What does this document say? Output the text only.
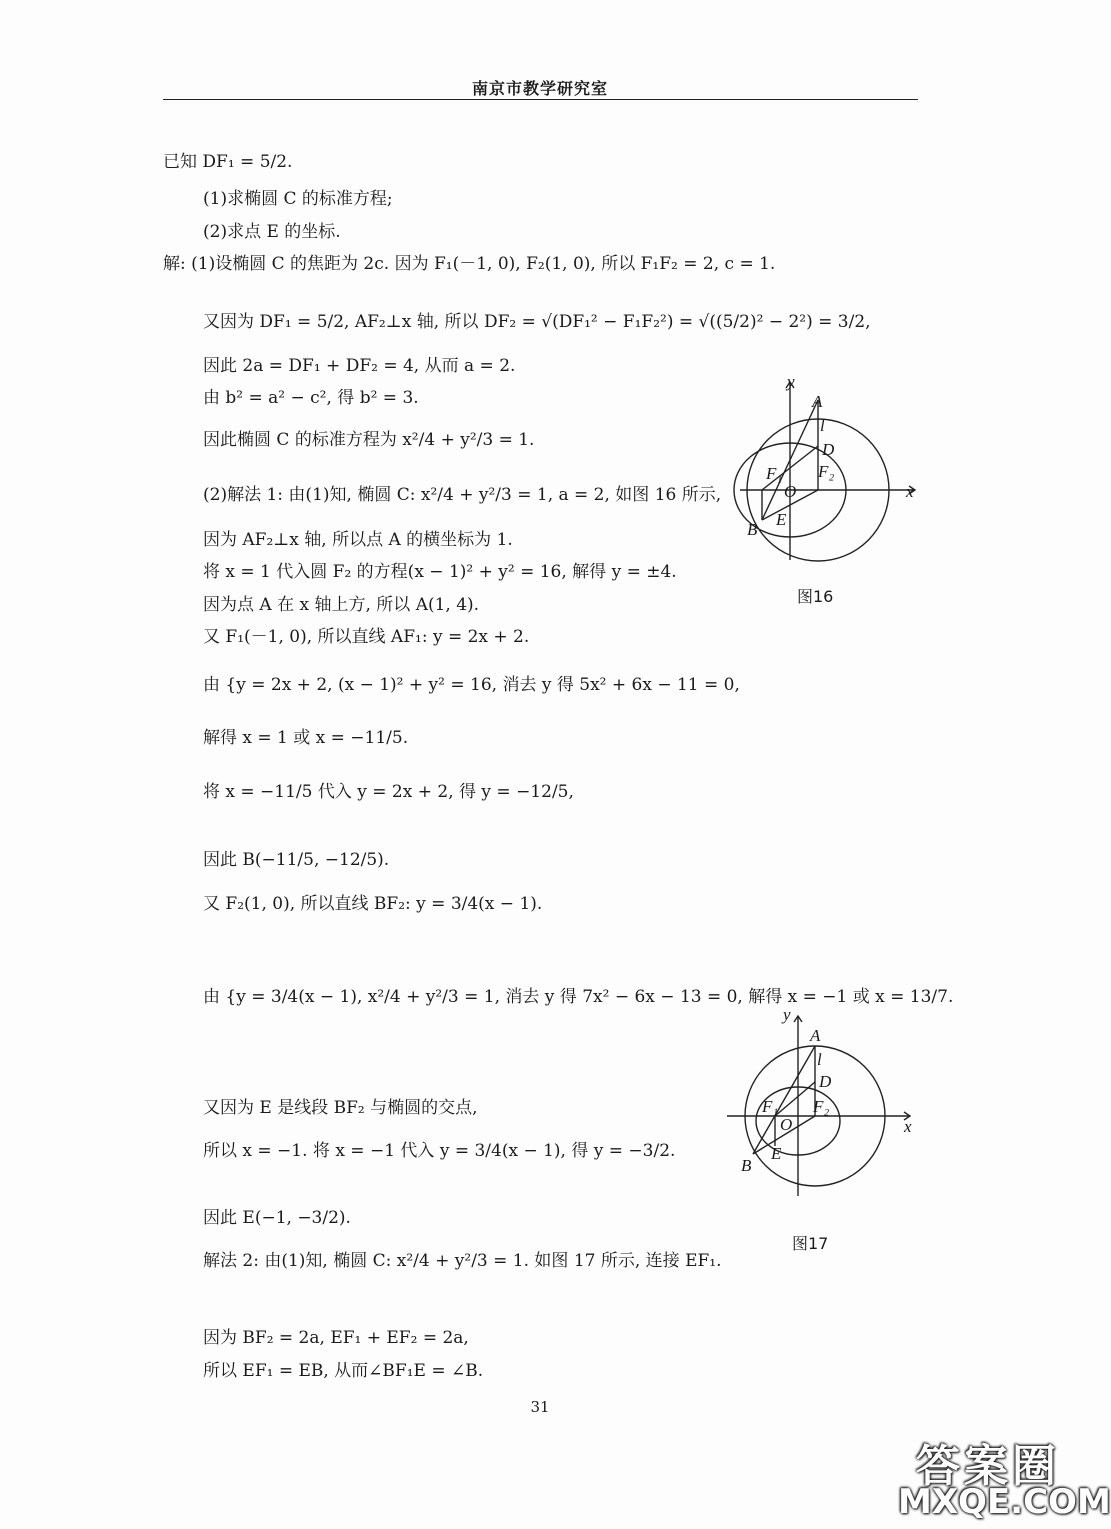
南京市教学研究室
已知 DF₁ = 5/2.
(1)求椭圆 C 的标准方程;
(2)求点 E 的坐标.
解: (1)设椭圆 C 的焦距为 2c. 因为 F₁(－1, 0), F₂(1, 0), 所以 F₁F₂ = 2, c = 1.
又因为 DF₁ = 5/2, AF₂⊥x 轴, 所以 DF₂ = √(DF₁² − F₁F₂²) = √((5/2)² − 2²) = 3/2,
因此 2a = DF₁ + DF₂ = 4, 从而 a = 2.
由 b² = a² − c², 得 b² = 3.
因此椭圆 C 的标准方程为 x²/4 + y²/3 = 1.
(2)解法 1: 由(1)知, 椭圆 C: x²/4 + y²/3 = 1, a = 2, 如图 16 所示,
因为 AF₂⊥x 轴, 所以点 A 的横坐标为 1.
将 x = 1 代入圆 F₂ 的方程(x − 1)² + y² = 16, 解得 y = ±4.
因为点 A 在 x 轴上方, 所以 A(1, 4).
又 F₁(－1, 0), 所以直线 AF₁: y = 2x + 2.
由 {y = 2x + 2, (x − 1)² + y² = 16, 消去 y 得 5x² + 6x − 11 = 0,
解得 x = 1 或 x = −11/5.
将 x = −11/5 代入 y = 2x + 2, 得 y = −12/5,
因此 B(−11/5, −12/5).
又 F₂(1, 0), 所以直线 BF₂: y = 3/4(x − 1).
由 {y = 3/4(x − 1), x²/4 + y²/3 = 1, 消去 y 得 7x² − 6x − 13 = 0, 解得 x = −1 或 x = 13/7.
又因为 E 是线段 BF₂ 与椭圆的交点,
所以 x = −1. 将 x = −1 代入 y = 3/4(x − 1), 得 y = −3/2.
因此 E(−1, −3/2).
解法 2: 由(1)知, 椭圆 C: x²/4 + y²/3 = 1. 如图 17 所示, 连接 EF₁.
因为 BF₂ = 2a, EF₁ + EF₂ = 2a,
所以 EF₁ = EB, 从而∠BF₁E = ∠B.
y
x
A
l
D
F₁ F₂
O
E
B
图16
y
x
A
l
D
F₁ F₂
O
E
B
图17
31
答案圈
MXQE.COM
